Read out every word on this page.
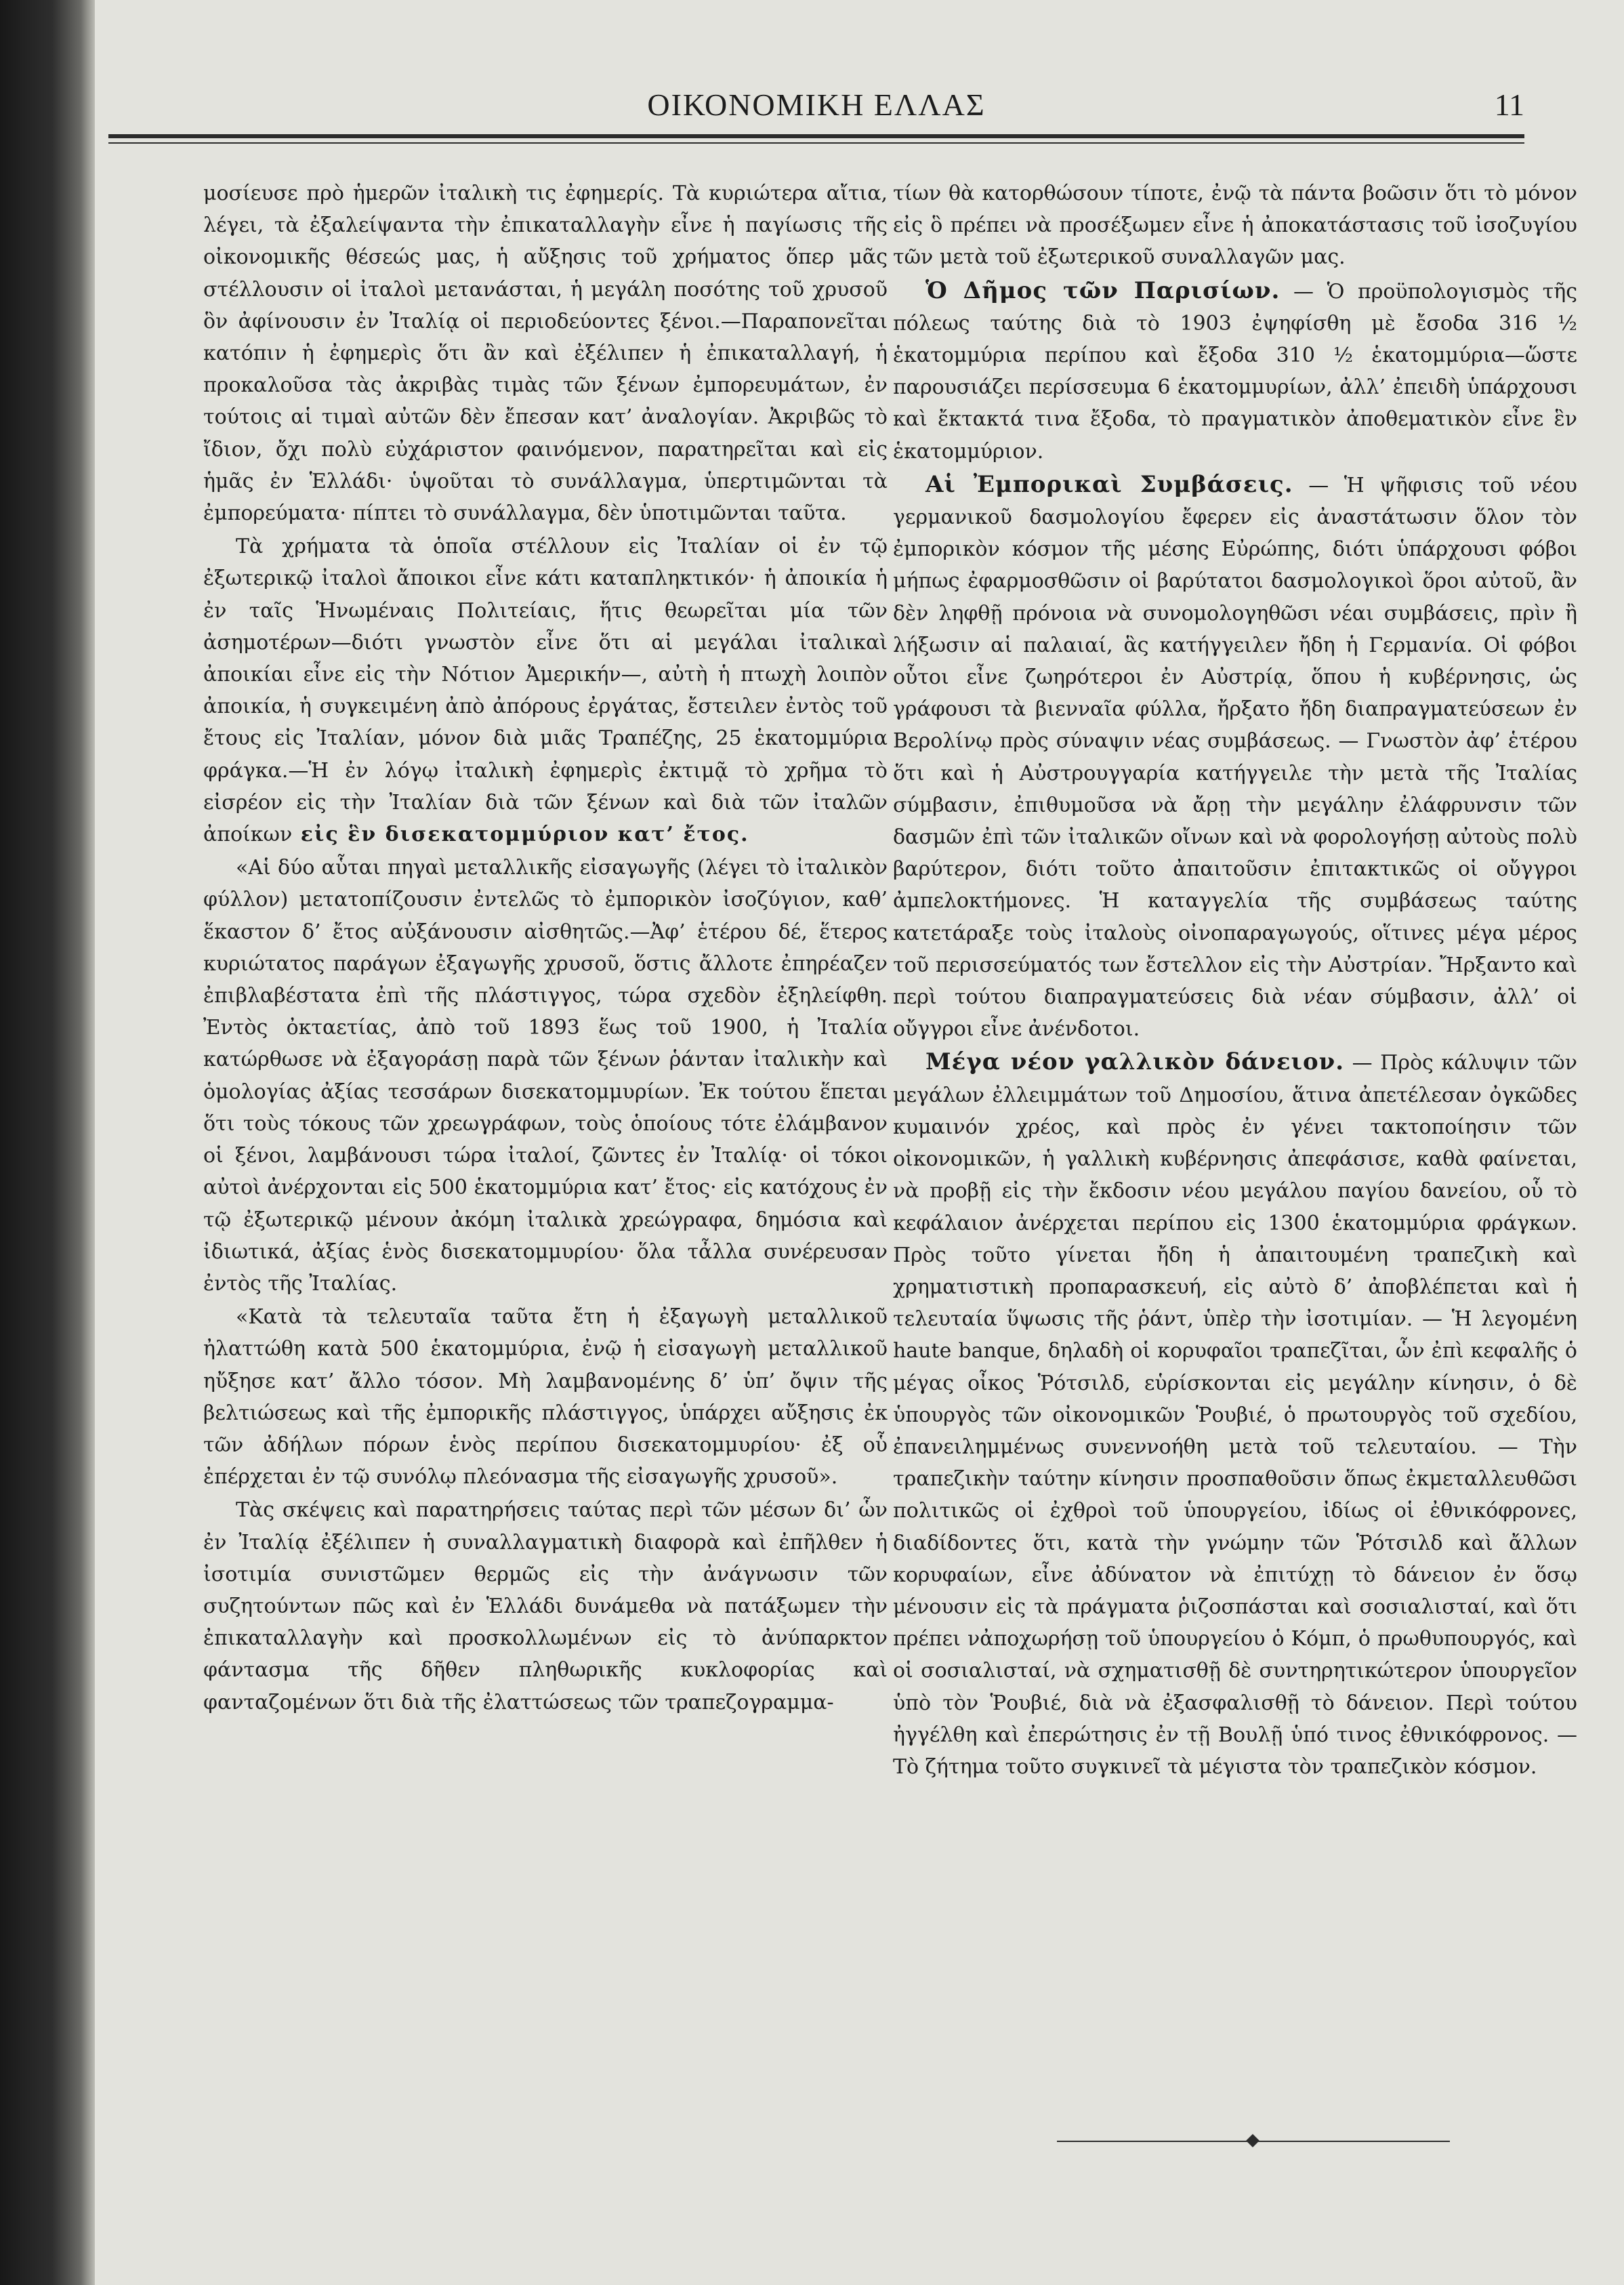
ΟΙΚΟΝΟΜΙΚΗ ΕΛΛΑΣ	11

μοσίευσε πρὸ ἡμερῶν ἰταλικὴ τις ἐφημερίς. Τὰ κυριώτερα αἴτια, λέγει, τὰ ἐξαλείψαντα τὴν ἐπικαταλλαγὴν εἶνε ἡ παγίωσις τῆς οἰκονομικῆς θέσεώς μας, ἡ αὔξησις τοῦ χρήματος ὅπερ μᾶς στέλλουσιν οἱ ἰταλοὶ μετανάσται, ἡ μεγάλη ποσότης τοῦ χρυσοῦ ὃν ἀφίνουσιν ἐν Ἰταλίᾳ οἱ περιοδεύοντες ξένοι.—Παραπονεῖται κατόπιν ἡ ἐφημερὶς ὅτι ἂν καὶ ἐξέλιπεν ἡ ἐπικαταλλαγή, ἡ προκαλοῦσα τὰς ἀκριβὰς τιμὰς τῶν ξένων ἐμπορευμάτων, ἐν τούτοις αἱ τιμαὶ αὐτῶν δὲν ἔπεσαν κατ’ ἀναλογίαν. Ἀκριβῶς τὸ ἴδιον, ὄχι πολὺ εὐχάριστον φαινόμενον, παρατηρεῖται καὶ εἰς ἡμᾶς ἐν Ἑλλάδι· ὑψοῦται τὸ συνάλλαγμα, ὑπερτιμῶνται τὰ ἐμπορεύματα· πίπτει τὸ συνάλλαγμα, δὲν ὑποτιμῶνται ταῦτα.

Τὰ χρήματα τὰ ὁποῖα στέλλουν εἰς Ἰταλίαν οἱ ἐν τῷ ἐξωτερικῷ ἰταλοὶ ἄποικοι εἶνε κάτι καταπληκτικόν· ἡ ἀποικία ἡ ἐν ταῖς Ἡνωμέναις Πολιτείαις, ἥτις θεωρεῖται μία τῶν ἀσημοτέρων—διότι γνωστὸν εἶνε ὅτι αἱ μεγάλαι ἰταλικαὶ ἀποικίαι εἶνε εἰς τὴν Νότιον Ἀμερικήν—, αὐτὴ ἡ πτωχὴ λοιπὸν ἀποικία, ἡ συγκειμένη ἀπὸ ἀπόρους ἐργάτας, ἔστειλεν ἐντὸς τοῦ ἔτους εἰς Ἰταλίαν, μόνον διὰ μιᾶς Τραπέζης, 25 ἑκατομμύρια φράγκα.—Ἡ ἐν λόγῳ ἰταλικὴ ἐφημερὶς ἐκτιμᾷ τὸ χρῆμα τὸ εἰσρέον εἰς τὴν Ἰταλίαν διὰ τῶν ξένων καὶ διὰ τῶν ἰταλῶν ἀποίκων εἰς ἓν δισεκατομμύριον κατ’ ἔτος.

«Αἱ δύο αὗται πηγαὶ μεταλλικῆς εἰσαγωγῆς (λέγει τὸ ἰταλικὸν φύλλον) μετατοπίζουσιν ἐντελῶς τὸ ἐμπορικὸν ἰσοζύγιον, καθ’ ἕκαστον δ’ ἔτος αὐξάνουσιν αἰσθητῶς.—Ἀφ’ ἑτέρου δέ, ἕτερος κυριώτατος παράγων ἐξαγωγῆς χρυσοῦ, ὅστις ἄλλοτε ἐπηρέαζεν ἐπιβλαβέστατα ἐπὶ τῆς πλάστιγγος, τώρα σχεδὸν ἐξηλείφθη. Ἐντὸς ὀκταετίας, ἀπὸ τοῦ 1893 ἕως τοῦ 1900, ἡ Ἰταλία κατώρθωσε νὰ ἐξαγοράσῃ παρὰ τῶν ξένων ῥάνταν ἰταλικὴν καὶ ὁμολογίας ἀξίας τεσσάρων δισεκατομμυρίων. Ἐκ τούτου ἕπεται ὅτι τοὺς τόκους τῶν χρεωγράφων, τοὺς ὁποίους τότε ἐλάμβανον οἱ ξένοι, λαμβάνουσι τώρα ἰταλοί, ζῶντες ἐν Ἰταλίᾳ· οἱ τόκοι αὐτοὶ ἀνέρχονται εἰς 500 ἑκατομμύρια κατ’ ἔτος· εἰς κατόχους ἐν τῷ ἐξωτερικῷ μένουν ἀκόμη ἰταλικὰ χρεώγραφα, δημόσια καὶ ἰδιωτικά, ἀξίας ἑνὸς δισεκατομμυρίου· ὅλα τἆλλα συνέρευσαν ἐντὸς τῆς Ἰταλίας.

«Κατὰ τὰ τελευταῖα ταῦτα ἔτη ἡ ἐξαγωγὴ μεταλλικοῦ ἠλαττώθη κατὰ 500 ἑκατομμύρια, ἐνῷ ἡ εἰσαγωγὴ μεταλλικοῦ ηὔξησε κατ’ ἄλλο τόσον. Μὴ λαμβανομένης δ’ ὑπ’ ὄψιν τῆς βελτιώσεως καὶ τῆς ἐμπορικῆς πλάστιγγος, ὑπάρχει αὔξησις ἐκ τῶν ἀδήλων πόρων ἑνὸς περίπου δισεκατομμυρίου· ἐξ οὗ ἐπέρχεται ἐν τῷ συνόλῳ πλεόνασμα τῆς εἰσαγωγῆς χρυσοῦ».

Τὰς σκέψεις καὶ παρατηρήσεις ταύτας περὶ τῶν μέσων δι’ ὧν ἐν Ἰταλίᾳ ἐξέλιπεν ἡ συναλλαγματικὴ διαφορὰ καὶ ἐπῆλθεν ἡ ἰσοτιμία συνιστῶμεν θερμῶς εἰς τὴν ἀνάγνωσιν τῶν συζητούντων πῶς καὶ ἐν Ἑλλάδι δυνάμεθα νὰ πατάξωμεν τὴν ἐπικαταλλαγὴν καὶ προσκολλωμένων εἰς τὸ ἀνύπαρκτον φάντασμα τῆς δῆθεν πληθωρικῆς κυκλοφορίας καὶ φανταζομένων ὅτι διὰ τῆς ἐλαττώσεως τῶν τραπεζογραμμα-

τίων θὰ κατορθώσουν τίποτε, ἐνῷ τὰ πάντα βοῶσιν ὅτι τὸ μόνον εἰς ὃ πρέπει νὰ προσέξωμεν εἶνε ἡ ἀποκατάστασις τοῦ ἰσοζυγίου τῶν μετὰ τοῦ ἐξωτερικοῦ συναλλαγῶν μας.

Ὁ Δῆμος τῶν Παρισίων. — Ὁ προϋπολογισμὸς τῆς πόλεως ταύτης διὰ τὸ 1903 ἐψηφίσθη μὲ ἔσοδα 316 ½ ἑκατομμύρια περίπου καὶ ἔξοδα 310 ½ ἑκατομμύρια—ὥστε παρουσιάζει περίσσευμα 6 ἑκατομμυρίων, ἀλλ’ ἐπειδὴ ὑπάρχουσι καὶ ἔκτακτά τινα ἔξοδα, τὸ πραγματικὸν ἀποθεματικὸν εἶνε ἓν ἑκατομμύριον.

Αἱ Ἐμπορικαὶ Συμβάσεις. — Ἡ ψῆφισις τοῦ νέου γερμανικοῦ δασμολογίου ἔφερεν εἰς ἀναστάτωσιν ὅλον τὸν ἐμπορικὸν κόσμον τῆς μέσης Εὐρώπης, διότι ὑπάρχουσι φόβοι μήπως ἐφαρμοσθῶσιν οἱ βαρύτατοι δασμολογικοὶ ὅροι αὐτοῦ, ἂν δὲν ληφθῇ πρόνοια νὰ συνομολογηθῶσι νέαι συμβάσεις, πρὶν ἢ λήξωσιν αἱ παλαιαί, ἃς κατήγγειλεν ἤδη ἡ Γερμανία. Οἱ φόβοι οὗτοι εἶνε ζωηρότεροι ἐν Αὐστρίᾳ, ὅπου ἡ κυβέρνησις, ὡς γράφουσι τὰ βιενναῖα φύλλα, ἤρξατο ἤδη διαπραγματεύσεων ἐν Βερολίνῳ πρὸς σύναψιν νέας συμβάσεως. — Γνωστὸν ἀφ’ ἑτέρου ὅτι καὶ ἡ Αὐστρουγγαρία κατήγγειλε τὴν μετὰ τῆς Ἰταλίας σύμβασιν, ἐπιθυμοῦσα νὰ ἄρῃ τὴν μεγάλην ἐλάφρυνσιν τῶν δασμῶν ἐπὶ τῶν ἰταλικῶν οἴνων καὶ νὰ φορολογήσῃ αὐτοὺς πολὺ βαρύτερον, διότι τοῦτο ἀπαιτοῦσιν ἐπιτακτικῶς οἱ οὔγγροι ἀμπελοκτήμονες. Ἡ καταγγελία τῆς συμβάσεως ταύτης κατετάραξε τοὺς ἰταλοὺς οἰνοπαραγωγούς, οἵτινες μέγα μέρος τοῦ περισσεύματός των ἔστελλον εἰς τὴν Αὐστρίαν. Ἤρξαντο καὶ περὶ τούτου διαπραγματεύσεις διὰ νέαν σύμβασιν, ἀλλ’ οἱ οὔγγροι εἶνε ἀνένδοτοι.

Μέγα νέον γαλλικὸν δάνειον. — Πρὸς κάλυψιν τῶν μεγάλων ἐλλειμμάτων τοῦ Δημοσίου, ἅτινα ἀπετέλεσαν ὀγκῶδες κυμαινόν χρέος, καὶ πρὸς ἐν γένει τακτοποίησιν τῶν οἰκονομικῶν, ἡ γαλλικὴ κυβέρνησις ἀπεφάσισε, καθὰ φαίνεται, νὰ προβῇ εἰς τὴν ἔκδοσιν νέου μεγάλου παγίου δανείου, οὗ τὸ κεφάλαιον ἀνέρχεται περίπου εἰς 1300 ἑκατομμύρια φράγκων. Πρὸς τοῦτο γίνεται ἤδη ἡ ἀπαιτουμένη τραπεζικὴ καὶ χρηματιστικὴ προπαρασκευή, εἰς αὐτὸ δ’ ἀποβλέπεται καὶ ἡ τελευταία ὕψωσις τῆς ῥάντ, ὑπὲρ τὴν ἰσοτιμίαν. — Ἡ λεγομένη haute banque, δηλαδὴ οἱ κορυφαῖοι τραπεζῖται, ὧν ἐπὶ κεφαλῆς ὁ μέγας οἶκος Ῥότσιλδ, εὑρίσκονται εἰς μεγάλην κίνησιν, ὁ δὲ ὑπουργὸς τῶν οἰκονομικῶν Ῥουβιέ, ὁ πρωτουργὸς τοῦ σχεδίου, ἐπανειλημμένως συνεννοήθη μετὰ τοῦ τελευταίου. — Τὴν τραπεζικὴν ταύτην κίνησιν προσπαθοῦσιν ὅπως ἐκμεταλλευθῶσι πολιτικῶς οἱ ἐχθροὶ τοῦ ὑπουργείου, ἰδίως οἱ ἐθνικόφρονες, διαδίδοντες ὅτι, κατὰ τὴν γνώμην τῶν Ῥότσιλδ καὶ ἄλλων κορυφαίων, εἶνε ἀδύνατον νὰ ἐπιτύχῃ τὸ δάνειον ἐν ὅσῳ μένουσιν εἰς τὰ πράγματα ῥιζοσπάσται καὶ σοσιαλισταί, καὶ ὅτι πρέπει νἀποχωρήσῃ τοῦ ὑπουργείου ὁ Κόμπ, ὁ πρωθυπουργός, καὶ οἱ σοσιαλισταί, νὰ σχηματισθῇ δὲ συντηρητικώτερον ὑπουργεῖον ὑπὸ τὸν Ῥουβιέ, διὰ νὰ ἐξασφαλισθῇ τὸ δάνειον. Περὶ τούτου ἠγγέλθη καὶ ἐπερώτησις ἐν τῇ Βουλῇ ὑπό τινος ἐθνικόφρονος. — Τὸ ζήτημα τοῦτο συγκινεῖ τὰ μέγιστα τὸν τραπεζικὸν κόσμον.
